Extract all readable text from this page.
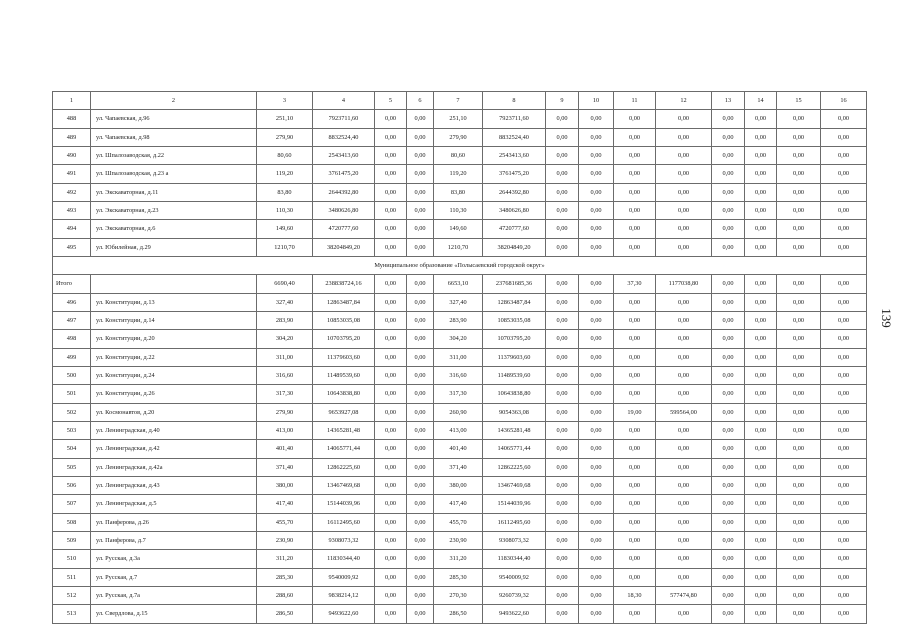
1	2	3	4	5	6	7	8	9	10	11	12	13	14	15	16
488	ул. Чапаевская, д.96	251,10	7923711,60	0,00	0,00	251,10	7923711,60	0,00	0,00	0,00	0,00	0,00	0,00	0,00	0,00
489	ул. Чапаевская, д.98	279,90	8832524,40	0,00	0,00	279,90	8832524,40	0,00	0,00	0,00	0,00	0,00	0,00	0,00	0,00
490	ул. Шпалозаводская, д.22	80,60	2543413,60	0,00	0,00	80,60	2543413,60	0,00	0,00	0,00	0,00	0,00	0,00	0,00	0,00
491	ул. Шпалозаводская, д.23 а	119,20	3761475,20	0,00	0,00	119,20	3761475,20	0,00	0,00	0,00	0,00	0,00	0,00	0,00	0,00
492	ул. Экскаваторная, д.11	83,80	2644392,80	0,00	0,00	83,80	2644392,80	0,00	0,00	0,00	0,00	0,00	0,00	0,00	0,00
493	ул. Экскаваторная, д.23	110,30	3480626,80	0,00	0,00	110,30	3480626,80	0,00	0,00	0,00	0,00	0,00	0,00	0,00	0,00
494	ул. Экскаваторная, д.6	149,60	4720777,60	0,00	0,00	149,60	4720777,60	0,00	0,00	0,00	0,00	0,00	0,00	0,00	0,00
495	ул. Юбилейная, д.29	1210,70	38204849,20	0,00	0,00	1210,70	38204849,20	0,00	0,00	0,00	0,00	0,00	0,00	0,00	0,00
Муниципальное образование «Полысаевский городской округ»															
Итого		6690,40	238838724,16	0,00	0,00	6653,10	237681685,36	0,00	0,00	37,30	1177038,80	0,00	0,00	0,00	0,00
496	ул. Конституции, д.13	327,40	12863487,84	0,00	0,00	327,40	12863487,84	0,00	0,00	0,00	0,00	0,00	0,00	0,00	0,00
497	ул. Конституции, д.14	283,90	10853035,08	0,00	0,00	283,90	10853035,08	0,00	0,00	0,00	0,00	0,00	0,00	0,00	0,00
498	ул. Конституции, д.20	304,20	10703795,20	0,00	0,00	304,20	10703795,20	0,00	0,00	0,00	0,00	0,00	0,00	0,00	0,00
499	ул. Конституции, д.22	311,00	11379603,60	0,00	0,00	311,00	11379603,60	0,00	0,00	0,00	0,00	0,00	0,00	0,00	0,00
500	ул. Конституции, д.24	316,60	11489539,60	0,00	0,00	316,60	11489539,60	0,00	0,00	0,00	0,00	0,00	0,00	0,00	0,00
501	ул. Конституции, д.26	317,30	10643838,80	0,00	0,00	317,30	10643838,80	0,00	0,00	0,00	0,00	0,00	0,00	0,00	0,00
502	ул. Космонавтов, д.20	279,90	9653927,08	0,00	0,00	260,90	9054363,08	0,00	0,00	19,00	599564,00	0,00	0,00	0,00	0,00
503	ул. Ленинградская, д.40	413,00	14365281,48	0,00	0,00	413,00	14365281,48	0,00	0,00	0,00	0,00	0,00	0,00	0,00	0,00
504	ул. Ленинградская, д.42	401,40	14065771,44	0,00	0,00	401,40	14065771,44	0,00	0,00	0,00	0,00	0,00	0,00	0,00	0,00
505	ул. Ленинградская, д.42а	371,40	12862225,60	0,00	0,00	371,40	12862225,60	0,00	0,00	0,00	0,00	0,00	0,00	0,00	0,00
506	ул. Ленинградская, д.43	380,00	13467469,68	0,00	0,00	380,00	13467469,68	0,00	0,00	0,00	0,00	0,00	0,00	0,00	0,00
507	ул. Ленинградская, д.5	417,40	15144039,96	0,00	0,00	417,40	15144039,96	0,00	0,00	0,00	0,00	0,00	0,00	0,00	0,00
508	ул. Панферова, д.26	455,70	16112495,60	0,00	0,00	455,70	16112495,60	0,00	0,00	0,00	0,00	0,00	0,00	0,00	0,00
509	ул. Панферова, д.7	230,90	9308073,32	0,00	0,00	230,90	9308073,32	0,00	0,00	0,00	0,00	0,00	0,00	0,00	0,00
510	ул. Русская, д.3а	311,20	11830344,40	0,00	0,00	311,20	11830344,40	0,00	0,00	0,00	0,00	0,00	0,00	0,00	0,00
511	ул. Русская, д.7	285,30	9540009,92	0,00	0,00	285,30	9540009,92	0,00	0,00	0,00	0,00	0,00	0,00	0,00	0,00
512	ул. Русская, д.7а	288,60	9838214,12	0,00	0,00	270,30	9260739,32	0,00	0,00	18,30	577474,80	0,00	0,00	0,00	0,00
513	ул. Свердлова, д.15	286,50	9493622,60	0,00	0,00	286,50	9493622,60	0,00	0,00	0,00	0,00	0,00	0,00	0,00	0,00
139
